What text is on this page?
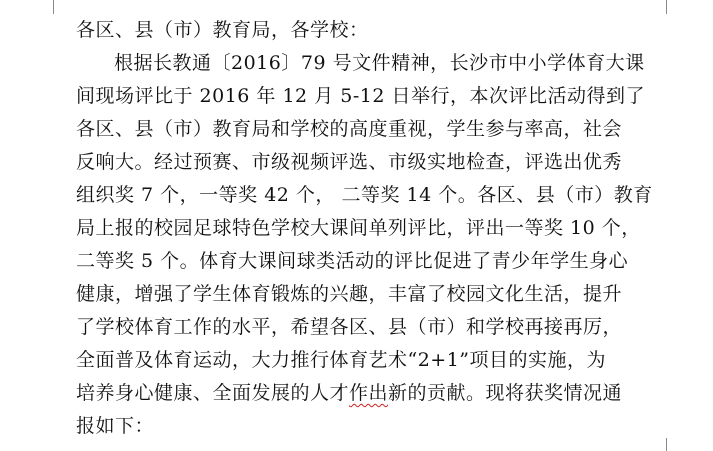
各区、县（市）教育局，各学校：
根据长教通〔2016〕79 号文件精神，长沙市中小学体育大课
间现场评比于 2016 年 12 月 5-12 日举行，本次评比活动得到了
各区、县（市）教育局和学校的高度重视，学生参与率高，社会
反响大。经过预赛、市级视频评选、市级实地检查，评选出优秀
组织奖 7 个，一等奖 42 个， 二等奖 14 个。各区、县（市）教育
局上报的校园足球特色学校大课间单列评比，评出一等奖 10 个，
二等奖 5 个。体育大课间球类活动的评比促进了青少年学生身心
健康，增强了学生体育锻炼的兴趣，丰富了校园文化生活，提升
了学校体育工作的水平，希望各区、县（市）和学校再接再厉，
全面普及体育运动，大力推行体育艺术“2+1”项目的实施，为
培养身心健康、全面发展的人才作出新的贡献。现将获奖情况通
报如下：
